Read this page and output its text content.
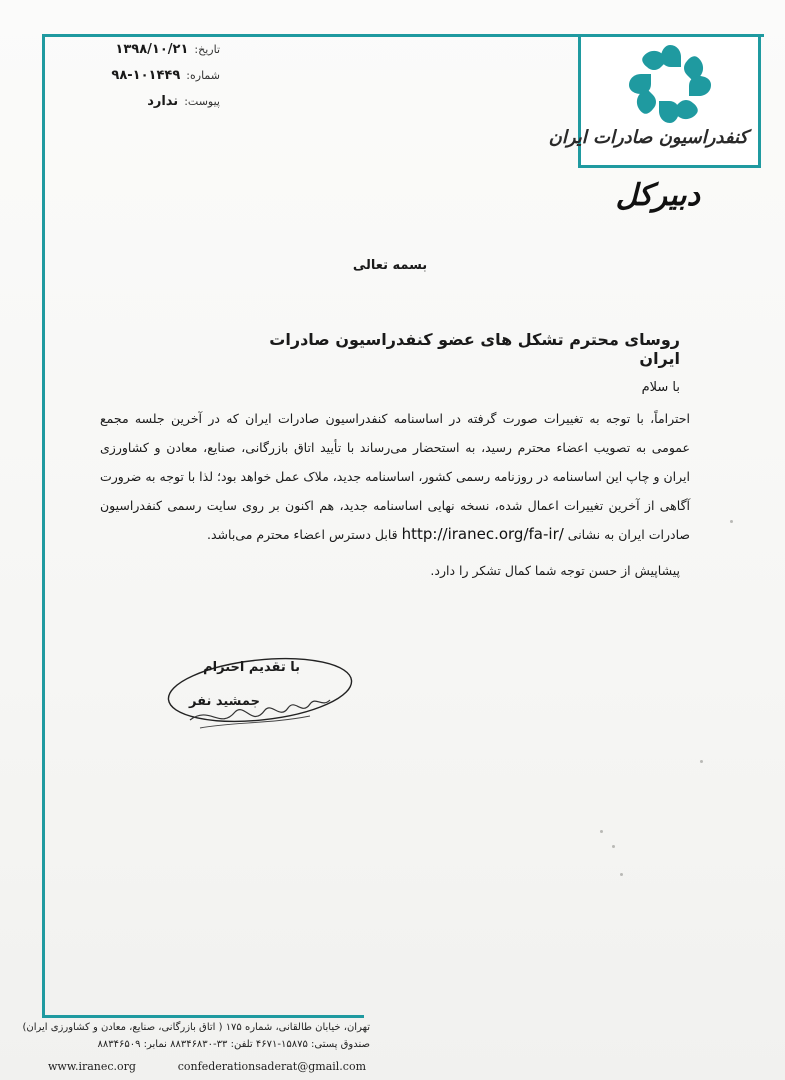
کنفدراسیون صادرات ایران
دبیرکل
تاریخ:
۱۳۹۸/۱۰/۲۱
شماره:
۹۸-۱۰۱۴۴۹
پیوست:
ندارد
بسمه تعالی
روسای محترم تشکل های عضو کنفدراسیون صادرات ایران
با سلام

احتراماً، با توجه به تغییرات صورت گرفته در اساسنامه کنفدراسیون صادرات ایران که در آخرین جلسه مجمع عمومی به تصویب اعضاء محترم رسید، به استحضار می‌رساند با تأیید اتاق بازرگانی، صنایع، معادن و کشاورزی ایران و چاپ این اساسنامه در روزنامه رسمی کشور، اساسنامه جدید، ملاک عمل خواهد بود؛ لذا با توجه به ضرورت آگاهی از آخرین تغییرات اعمال شده، نسخه نهایی اساسنامه جدید، هم اکنون بر روی سایت رسمی کنفدراسیون صادرات ایران به نشانی http://iranec.org/fa-ir/ قابل دسترس اعضاء محترم می‌باشد.

پیشاپیش از حسن توجه شما کمال تشکر را دارد.
با تقدیم احترام
جمشید نفر
تهران، خیابان طالقانی، شماره ۱۷۵ ( اتاق بازرگانی، صنایع، معادن و کشاورزی ایران)
صندوق پستی: ۱۵۸۷۵-۴۶۷۱ تلفن: ۳۳-۸۸۳۴۶۸۳۰ نمابر: ۸۸۳۴۶۵۰۹
www.iranec.org	confederationsaderat@gmail.com
